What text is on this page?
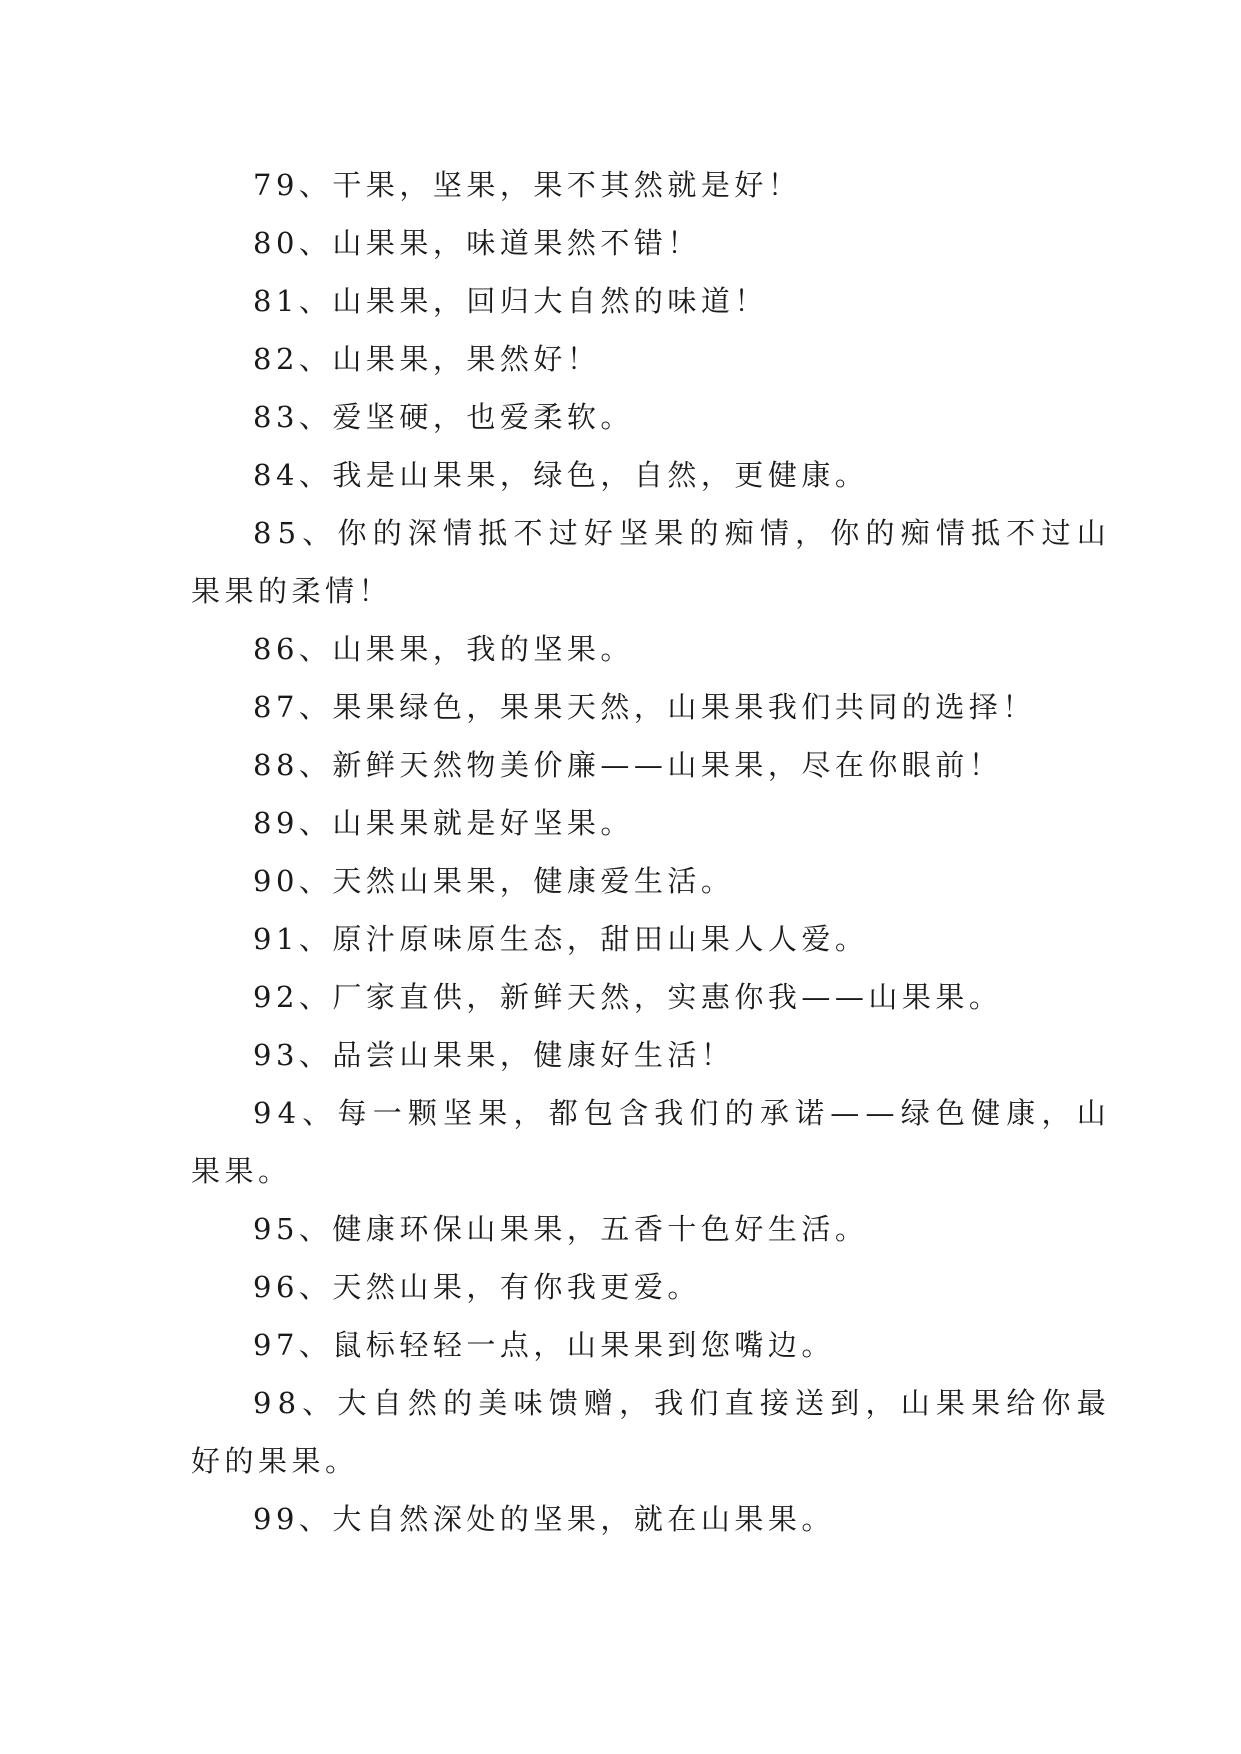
79、干果，坚果，果不其然就是好！
80、山果果，味道果然不错！
81、山果果，回归大自然的味道！
82、山果果，果然好！
83、爱坚硬，也爱柔软。
84、我是山果果，绿色，自然，更健康。
85、你的深情抵不过好坚果的痴情，你的痴情抵不过山
果果的柔情！
86、山果果，我的坚果。
87、果果绿色，果果天然，山果果我们共同的选择！
88、新鲜天然物美价廉——山果果，尽在你眼前！
89、山果果就是好坚果。
90、天然山果果，健康爱生活。
91、原汁原味原生态，甜田山果人人爱。
92、厂家直供，新鲜天然，实惠你我——山果果。
93、品尝山果果，健康好生活！
94、每一颗坚果，都包含我们的承诺——绿色健康，山
果果。
95、健康环保山果果，五香十色好生活。
96、天然山果，有你我更爱。
97、鼠标轻轻一点，山果果到您嘴边。
98、大自然的美味馈赠，我们直接送到，山果果给你最
好的果果。
99、大自然深处的坚果，就在山果果。
